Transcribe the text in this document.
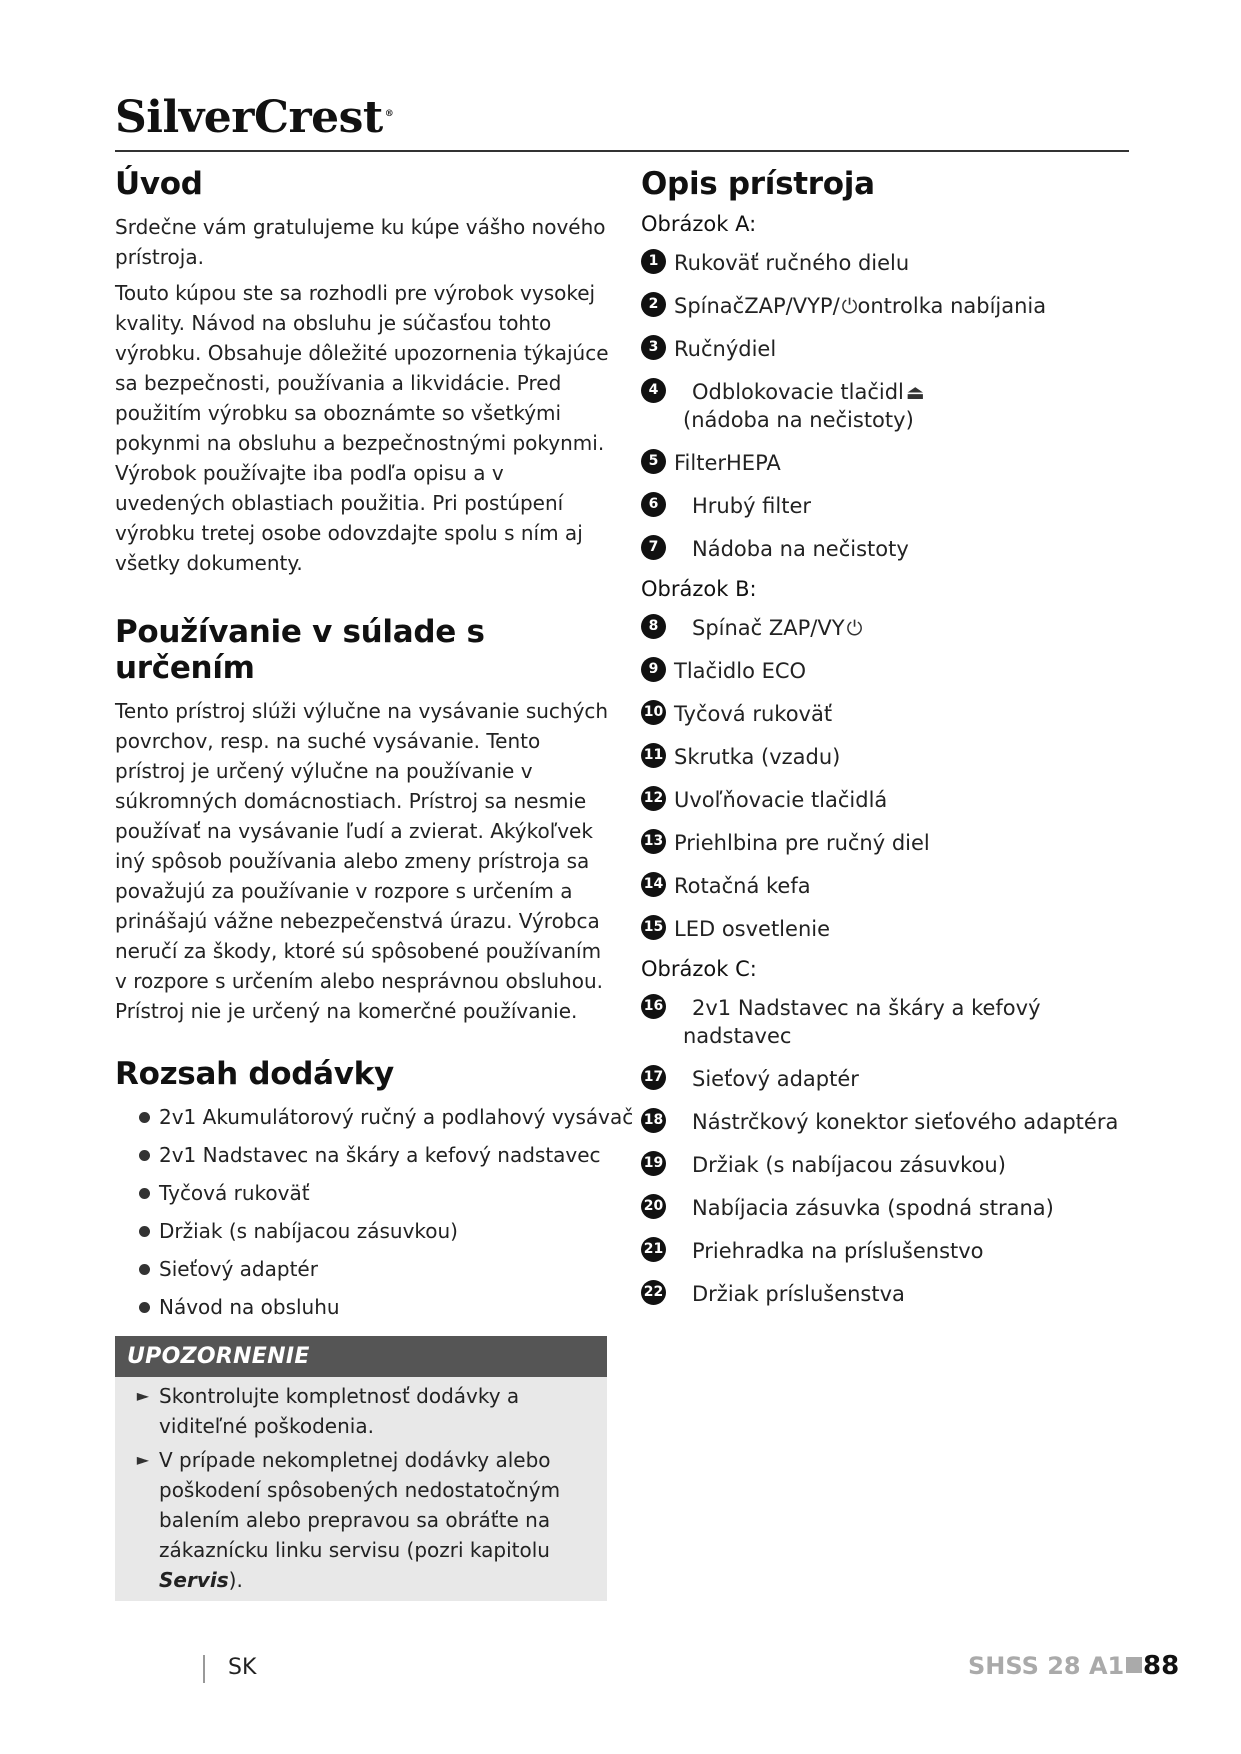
SilverCrest ®
Úvod

Srdečne vám gratulujeme ku kúpe vášho nového prístroja.

Touto kúpou ste sa rozhodli pre výrobok vysokej kvality. Návod na obsluhu je súčasťou tohto výrobku. Obsahuje dôležité upozornenia týkajúce sa bezpečnosti, používania a likvidácie. Pred použitím výrobku sa oboznámte so všetkými pokynmi na obsluhu a bezpečnostnými pokynmi.

Výrobok používajte iba podľa opisu a v uvedených oblastiach použitia. Pri postúpení výrobku tretej osobe odovzdajte spolu s ním aj všetky dokumenty.

Používanie v súlade s určením

Tento prístroj slúži výlučne na vysávanie suchých povrchov, resp. na suché vysávanie. Tento prístroj je určený výlučne na používanie v súkromných domácnostiach. Prístroj sa nesmie používať na vysávanie ľudí a zvierat. Akýkoľvek iný spôsob používania alebo zmeny prístroja sa považujú za používanie v rozpore s určením a prinášajú vážne nebezpečenstvá úrazu. Výrobca neručí za škody, ktoré sú spôsobené používaním v rozpore s určením alebo nesprávnou obsluhou. Prístroj nie je určený na komerčné používanie.

Rozsah dodávky
2v1 Akumulátorový ručný a podlahový vysávač
2v1 Nadstavec na škáry a kefový nadstavec
Tyčová rukoväť
Držiak (s nabíjacou zásuvkou)
Sieťový adaptér
Návod na obsluhu
UPOZORNENIE
► Skontrolujte kompletnosť dodávky a viditeľné poškodenia.
► V prípade nekompletnej dodávky alebo poškodení spôsobených nedostatočným balením alebo prepravou sa obráťte na zákaznícku linku servisu (pozri kapitolu Servis).
Opis prístroja
Obrázok A:
1 Rukoväť ručného dielu
2 SpínačZAP/VYP/ ⏻ontrolka nabíjania
3 Ručnýdiel
4 Odblokovacie tlačidl ⏏
(nádoba na nečistoty)
5 FilterHEPA
6 Hrubý filter
7 Nádoba na nečistoty
Obrázok B:
8 Spínač ZAP/VY ⏻
9 Tlačidlo ECO
10 Tyčová rukoväť
11 Skrutka (vzadu)
12 Uvoľňovacie tlačidlá
13 Priehlbina pre ručný diel
14 Rotačná kefa
15 LED osvetlenie
Obrázok C:
16 2v1 Nadstavec na škáry a kefový
nadstavec
17 Sieťový adaptér
18 Nástrčkový konektor sieťového adaptéra
19 Držiak (s nabíjacou zásuvkou)
20 Nabíjacia zásuvka (spodná strana)
21 Priehradka na príslušenstvo
22 Držiak príslušenstva
SK	SHSS 28 A1 88
